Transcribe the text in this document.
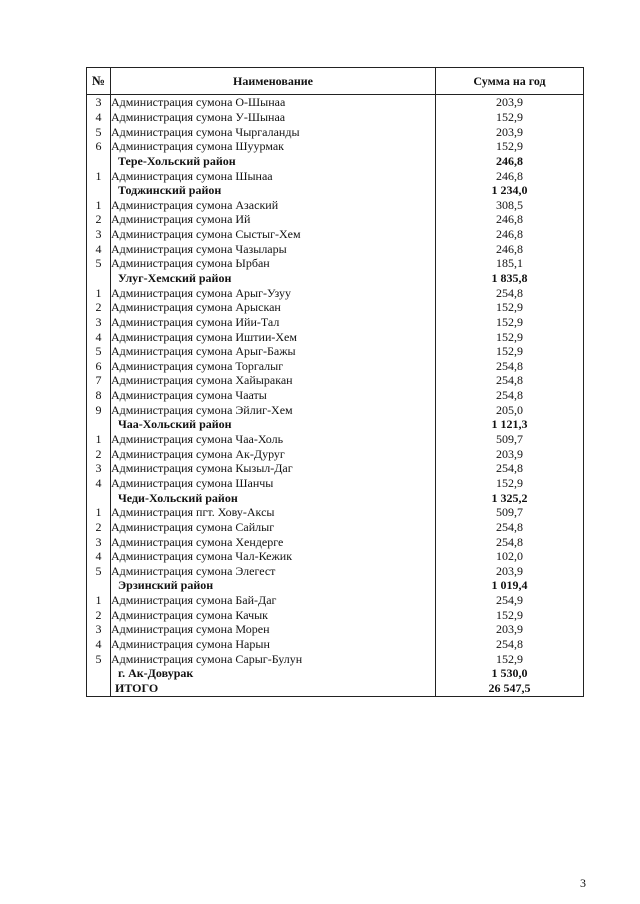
№	Наименование	Сумма на год
3	Администрация сумона О-Шынаа	203,9
4	Администрация сумона У-Шынаа	152,9
5	Администрация сумона Чыргаланды	203,9
6	Администрация сумона Шуурмак	152,9
	Тере-Хольский район	246,8
1	Администрация сумона Шынаа	246,8
	Тоджинский район	1 234,0
1	Администрация сумона Азаский	308,5
2	Администрация сумона Ий	246,8
3	Администрация сумона Сыстыг-Хем	246,8
4	Администрация сумона Чазылары	246,8
5	Администрация сумона Ырбан	185,1
	Улуг-Хемский район	1 835,8
1	Администрация сумона Арыг-Узуу	254,8
2	Администрация сумона Арыскан	152,9
3	Администрация сумона Ийи-Тал	152,9
4	Администрация сумона Иштии-Хем	152,9
5	Администрация сумона Арыг-Бажы	152,9
6	Администрация сумона Торгалыг	254,8
7	Администрация сумона Хайыракан	254,8
8	Администрация сумона Чааты	254,8
9	Администрация сумона Эйлиг-Хем	205,0
	Чаа-Хольский район	1 121,3
1	Администрация сумона Чаа-Холь	509,7
2	Администрация сумона Ак-Дуруг	203,9
3	Администрация сумона Кызыл-Даг	254,8
4	Администрация сумона Шанчы	152,9
	Чеди-Хольский район	1 325,2
1	Администрация пгт. Хову-Аксы	509,7
2	Администрация сумона Сайлыг	254,8
3	Администрация сумона Хендерге	254,8
4	Администрация сумона Чал-Кежик	102,0
5	Администрация сумона Элегест	203,9
	Эрзинский район	1 019,4
1	Администрация сумона Бай-Даг	254,9
2	Администрация сумона Качык	152,9
3	Администрация сумона Морен	203,9
4	Администрация сумона Нарын	254,8
5	Администрация сумона Сарыг-Булун	152,9
	г. Ак-Довурак	1 530,0
	ИТОГО	26 547,5
3
